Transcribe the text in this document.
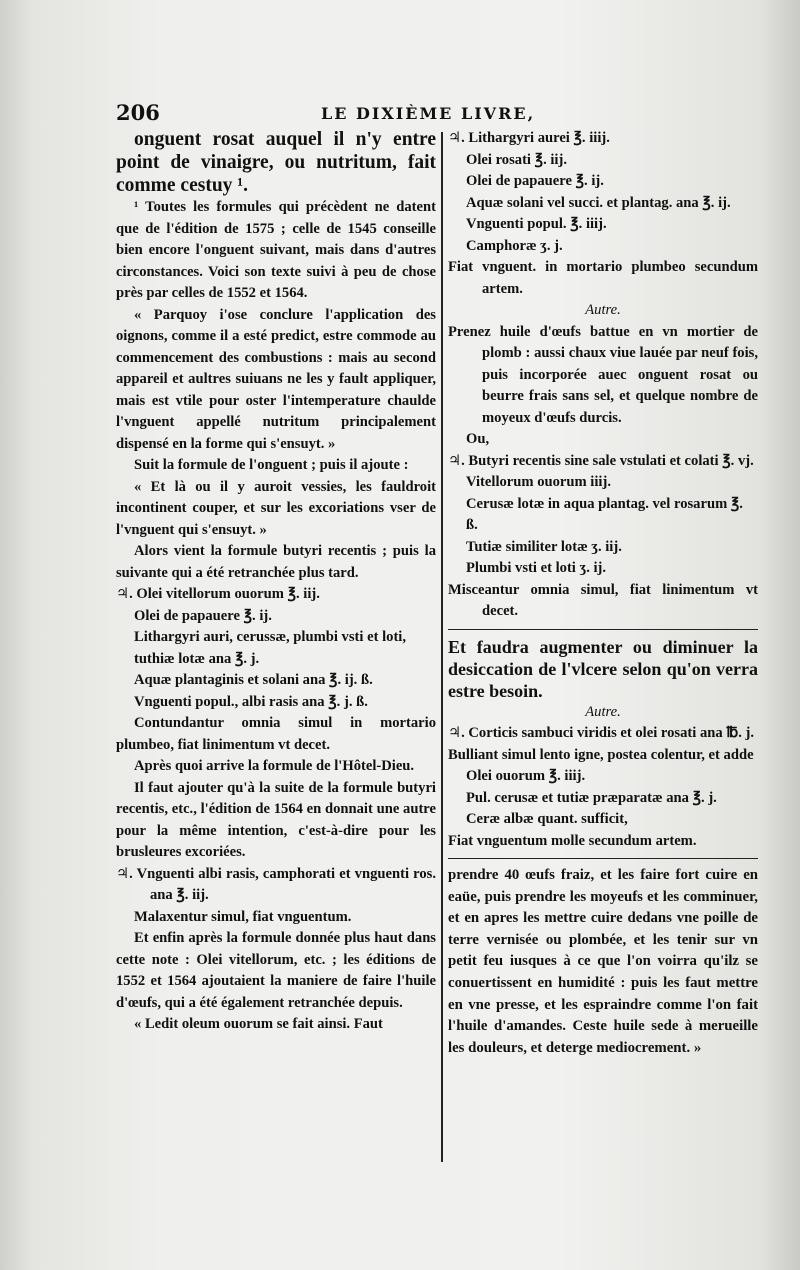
206	LE DIXIÈME LIVRE,

onguent rosat auquel il n'y entre point de vinaigre, ou nutritum, fait comme cestuy ¹.

¹ Toutes les formules qui précèdent ne datent que de l'édition de 1575 ; celle de 1545 conseille bien encore l'onguent suivant, mais dans d'autres circonstances. Voici son texte suivi à peu de chose près par celles de 1552 et 1564.

« Parquoy i'ose conclure l'application des oignons, comme il a esté predict, estre commode au commencement des combustions : mais au second appareil et aultres suiuans ne les y fault appliquer, mais est vtile pour oster l'intemperature chaulde l'vnguent appellé nutritum principalement dispensé en la forme qui s'ensuyt. »

Suit la formule de l'onguent ; puis il ajoute :

« Et là ou il y auroit vessies, les fauldroit incontinent couper, et sur les excoriations vser de l'vnguent qui s'ensuyt. »

Alors vient la formule butyri recentis ; puis la suivante qui a été retranchée plus tard.

♃. Olei vitellorum ouorum ℥. iij.

Olei de papauere ℥. ij.

Lithargyri auri, cerussæ, plumbi vsti et loti, tuthiæ lotæ ana ℥. j.

Aquæ plantaginis et solani ana ℥. ij. ß.

Vnguenti popul., albi rasis ana ℥. j. ß.

Contundantur omnia simul in mortario plumbeo, fiat linimentum vt decet.

Après quoi arrive la formule de l'Hôtel-Dieu.

Il faut ajouter qu'à la suite de la formule butyri recentis, etc., l'édition de 1564 en donnait une autre pour la même intention, c'est-à-dire pour les brusleures excoriées.

♃. Vnguenti albi rasis, camphorati et vnguenti ros. ana ℥. iij.

Malaxentur simul, fiat vnguentum.

Et enfin après la formule donnée plus haut dans cette note : Olei vitellorum, etc. ; les éditions de 1552 et 1564 ajoutaient la maniere de faire l'huile d'œufs, qui a été également retranchée depuis.

« Ledit oleum ouorum se fait ainsi. Faut

♃. Lithargyri aurei ℥. iiij.

Olei rosati ℥. iij.

Olei de papauere ℥. ij.

Aquæ solani vel succi. et plantag. ana ℥. ij.

Vnguenti popul. ℥. iiij.

Camphoræ ʒ. j.

Fiat vnguent. in mortario plumbeo secundum artem.

Autre.

Prenez huile d'œufs battue en vn mortier de plomb : aussi chaux viue lauée par neuf fois, puis incorporée auec onguent rosat ou beurre frais sans sel, et quelque nombre de moyeux d'œufs durcis.

Ou,

♃. Butyri recentis sine sale vstulati et colati ℥. vj.

Vitellorum ouorum iiij.

Cerusæ lotæ in aqua plantag. vel rosarum ℥. ß.

Tutiæ similiter lotæ ʒ. iij.

Plumbi vsti et loti ʒ. ij.

Misceantur omnia simul, fiat linimentum vt decet.

Et faudra augmenter ou diminuer la desiccation de l'vlcere selon qu'on verra estre besoin.

Autre.

♃. Corticis sambuci viridis et olei rosati ana ℔. j.

Bulliant simul lento igne, postea colentur, et adde

Olei ouorum ℥. iiij.

Pul. cerusæ et tutiæ præparatæ ana ℥. j.

Ceræ albæ quant. sufficit,

Fiat vnguentum molle secundum artem.

prendre 40 œufs fraiz, et les faire fort cuire en eaüe, puis prendre les moyeufs et les comminuer, et en apres les mettre cuire dedans vne poille de terre vernisée ou plombée, et les tenir sur vn petit feu iusques à ce que l'on voirra qu'ilz se conuertissent en humidité : puis les faut mettre en vne presse, et les espraindre comme l'on fait l'huile d'amandes. Ceste huile sede à merueille les douleurs, et deterge mediocrement. »
